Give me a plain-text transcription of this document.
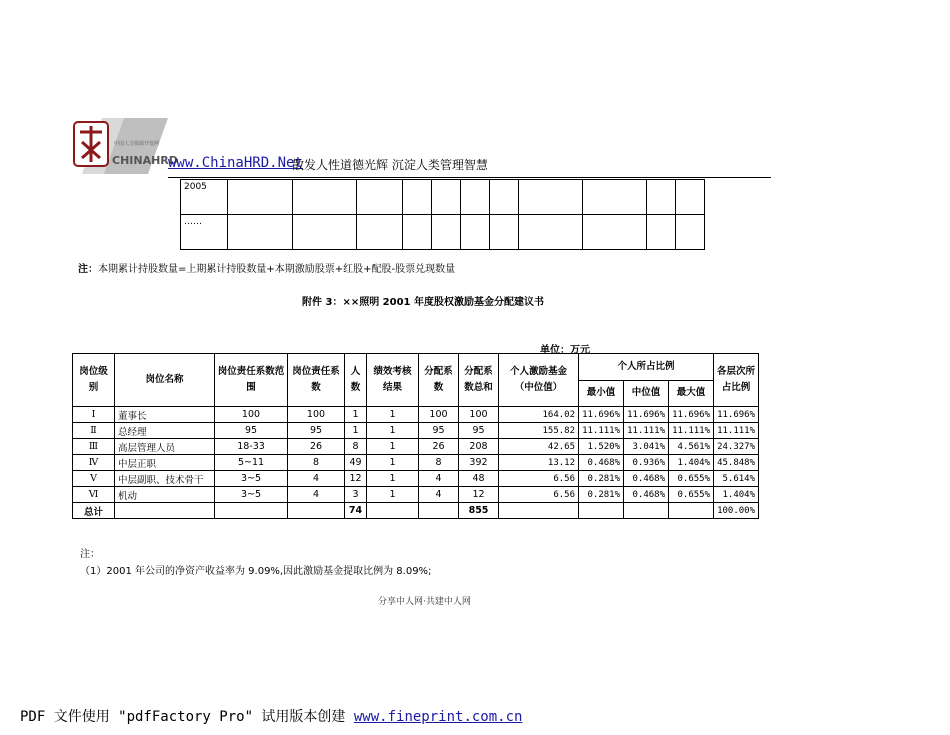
CHINAHRD
中国人力资源开发网
www.ChinaHRD.Net
散发人性道德光辉 沉淀人类管理智慧
2005											
……											
注：本期累计持股数量=上期累计持股数量+本期激励股票+红股+配股-股票兑现数量
附件 3：××照明 2001 年度股权激励基金分配建议书
单位：万元
岗位级别	岗位名称	岗位责任系数范围	岗位责任系数	人数	绩效考核结果	分配系数	分配系数总和	个人激励基金（中位值）	个人所占比例			各层次所占比例
									最小值	中位值	最大值	
Ⅰ	董事长	100	100	1	1	100	100	164.02	11.696%	11.696%	11.696%	11.696%
Ⅱ	总经理	95	95	1	1	95	95	155.82	11.111%	11.111%	11.111%	11.111%
Ⅲ	高层管理人员	18-33	26	8	1	26	208	42.65	1.520%	3.041%	4.561%	24.327%
Ⅳ	中层正职	5~11	8	49	1	8	392	13.12	0.468%	0.936%	1.404%	45.848%
Ⅴ	中层副职、技术骨干	3~5	4	12	1	4	48	6.56	0.281%	0.468%	0.655%	5.614%
Ⅵ	机动	3~5	4	3	1	4	12	6.56	0.281%	0.468%	0.655%	1.404%
总计				74			855					100.00%
注：
（1）2001 年公司的净资产收益率为 9.09%,因此激励基金提取比例为 8.09%;
分享中人网·共建中人网
PDF 文件使用 "pdfFactory Pro" 试用版本创建 www.fineprint.com.cn
